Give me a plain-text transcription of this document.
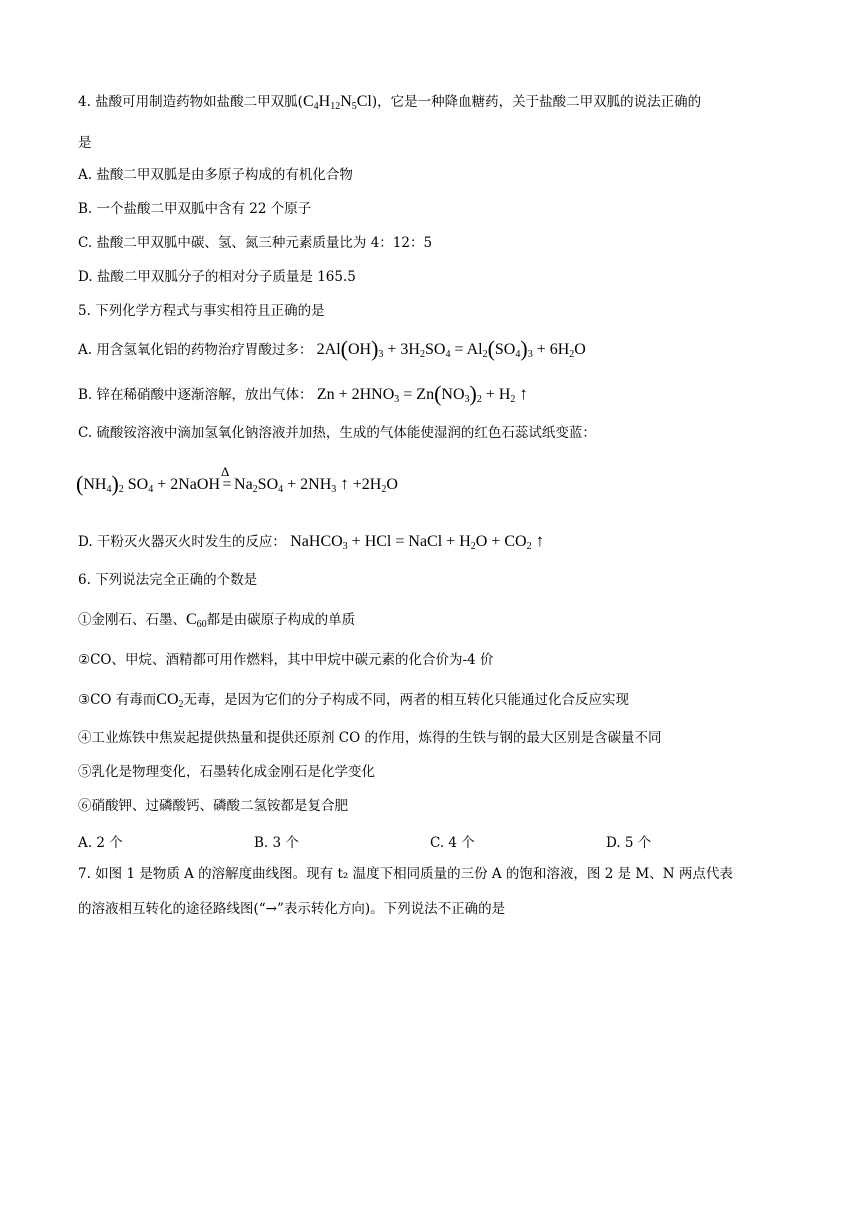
4. 盐酸可用制造药物如盐酸二甲双胍$(C_4H_{12}N_5Cl)$，它是一种降血糖药，关于盐酸二甲双胍的说法正确的
是
A. 盐酸二甲双胍是由多原子构成的有机化合物
B. 一个盐酸二甲双胍中含有 22 个原子
C. 盐酸二甲双胍中碳、氢、氮三种元素质量比为 4：12：5
D. 盐酸二甲双胍分子的相对分子质量是 165.5
5. 下列化学方程式与事实相符且正确的是
A. 用含氢氧化铝的药物治疗胃酸过多： $2Al(OH)_3 + 3H_2SO_4 = Al_2(SO_4)_3 + 6H_2O$
B. 锌在稀硝酸中逐渐溶解，放出气体： $Zn + 2HNO_3 = Zn(NO_3)_2 + H_2$ ↑
C. 硫酸铵溶液中滴加氢氧化钠溶液并加热，生成的气体能使湿润的红色石蕊试纸变蓝：
$(NH_4)_2$ $SO_4$ + 2NaOH
Δ
= $Na_2SO_4 + 2NH_3$ ↑ $+2H_2O$
D. 干粉灭火器灭火时发生的反应： NaHCO$_3$ + HCl = NaCl + $H_2O + CO_2$ ↑
6. 下列说法完全正确的个数是
①金刚石、石墨、$C_{60}$都是由碳原子构成的单质
②CO、甲烷、酒精都可用作燃料，其中甲烷中碳元素的化合价为-4 价
③CO 有毒而$CO_2$无毒，是因为它们的分子构成不同，两者的相互转化只能通过化合反应实现
④工业炼铁中焦炭起提供热量和提供还原剂 CO 的作用，炼得的生铁与钢的最大区别是含碳量不同
⑤乳化是物理变化，石墨转化成金刚石是化学变化
⑥硝酸钾、过磷酸钙、磷酸二氢铵都是复合肥
A. 2 个	B. 3 个	C. 4 个	D. 5 个
7. 如图 1 是物质 A 的溶解度曲线图。现有 t₂ 温度下相同质量的三份 A 的饱和溶液，图 2 是 M、N 两点代表
的溶液相互转化的途径路线图(“→”表示转化方向)。下列说法不正确的是
